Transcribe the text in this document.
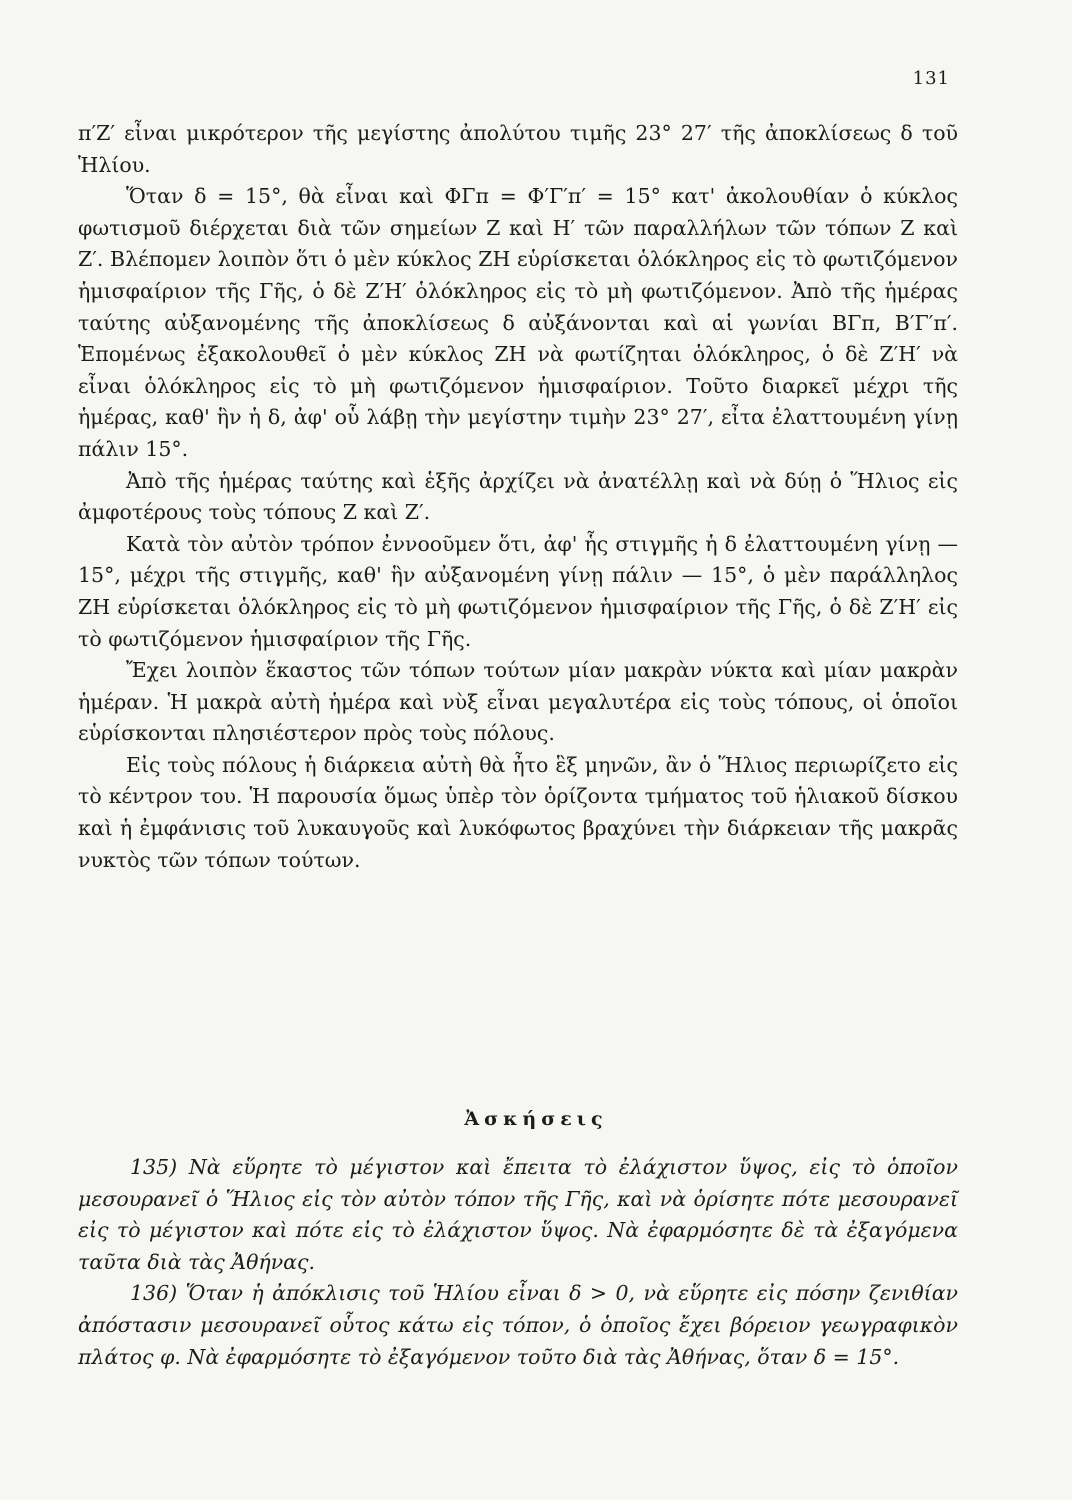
131

π′Ζ′ εἶναι μικρότερον τῆς μεγίστης ἀπολύτου τιμῆς 23° 27′ τῆς ἀποκλίσεως δ τοῦ Ἡλίου.

Ὅταν δ = 15°, θὰ εἶναι καὶ ΦΓπ = Φ′Γ′π′ = 15° κατ' ἀκολουθίαν ὁ κύκλος φωτισμοῦ διέρχεται διὰ τῶν σημείων Ζ καὶ Η′ τῶν παραλλήλων τῶν τόπων Ζ καὶ Ζ′. Βλέπομεν λοιπὸν ὅτι ὁ μὲν κύκλος ΖΗ εὑρίσκεται ὁλόκληρος εἰς τὸ φωτιζόμενον ἡμισφαίριον τῆς Γῆς, ὁ δὲ Ζ′Η′ ὁλόκληρος εἰς τὸ μὴ φωτιζόμενον. Ἀπὸ τῆς ἡμέρας ταύτης αὐξανομένης τῆς ἀποκλίσεως δ αὐξάνονται καὶ αἱ γωνίαι ΒΓπ, Β′Γ′π′. Ἑπομένως ἐξακολουθεῖ ὁ μὲν κύκλος ΖΗ νὰ φωτίζηται ὁλόκληρος, ὁ δὲ Ζ′Η′ νὰ εἶναι ὁλόκληρος εἰς τὸ μὴ φωτιζόμενον ἡμισφαίριον. Τοῦτο διαρκεῖ μέχρι τῆς ἡμέρας, καθ' ἣν ἡ δ, ἀφ' οὗ λάβῃ τὴν μεγίστην τιμὴν 23° 27′, εἶτα ἐλαττουμένη γίνῃ πάλιν 15°.

Ἀπὸ τῆς ἡμέρας ταύτης καὶ ἑξῆς ἀρχίζει νὰ ἀνατέλλῃ καὶ νὰ δύῃ ὁ Ἥλιος εἰς ἀμφοτέρους τοὺς τόπους Ζ καὶ Ζ′.

Κατὰ τὸν αὐτὸν τρόπον ἐννοοῦμεν ὅτι, ἀφ' ἧς στιγμῆς ἡ δ ἐλαττουμένη γίνῃ — 15°, μέχρι τῆς στιγμῆς, καθ' ἣν αὐξανομένη γίνῃ πάλιν — 15°, ὁ μὲν παράλληλος ΖΗ εὑρίσκεται ὁλόκληρος εἰς τὸ μὴ φωτιζόμενον ἡμισφαίριον τῆς Γῆς, ὁ δὲ Ζ′Η′ εἰς τὸ φωτιζόμενον ἡμισφαίριον τῆς Γῆς.

Ἔχει λοιπὸν ἕκαστος τῶν τόπων τούτων μίαν μακρὰν νύκτα καὶ μίαν μακρὰν ἡμέραν. Ἡ μακρὰ αὐτὴ ἡμέρα καὶ νὺξ εἶναι μεγαλυτέρα εἰς τοὺς τόπους, οἱ ὁποῖοι εὑρίσκονται πλησιέστερον πρὸς τοὺς πόλους.

Εἰς τοὺς πόλους ἡ διάρκεια αὐτὴ θὰ ἦτο ἓξ μηνῶν, ἂν ὁ Ἥλιος περιωρίζετο εἰς τὸ κέντρον του. Ἡ παρουσία ὅμως ὑπὲρ τὸν ὁρίζοντα τμήματος τοῦ ἡλιακοῦ δίσκου καὶ ἡ ἐμφάνισις τοῦ λυκαυγοῦς καὶ λυκόφωτος βραχύνει τὴν διάρκειαν τῆς μακρᾶς νυκτὸς τῶν τόπων τούτων.

Ἀσκήσεις

135) Νὰ εὕρητε τὸ μέγιστον καὶ ἔπειτα τὸ ἐλάχιστον ὕψος, εἰς τὸ ὁποῖον μεσουρανεῖ ὁ Ἥλιος εἰς τὸν αὐτὸν τόπον τῆς Γῆς, καὶ νὰ ὁρίσητε πότε μεσουρανεῖ εἰς τὸ μέγιστον καὶ πότε εἰς τὸ ἐλάχιστον ὕψος. Νὰ ἐφαρμόσητε δὲ τὰ ἐξαγόμενα ταῦτα διὰ τὰς Ἀθήνας.

136) Ὅταν ἡ ἀπόκλισις τοῦ Ἡλίου εἶναι δ > 0, νὰ εὕρητε εἰς πόσην ζενιθίαν ἀπόστασιν μεσουρανεῖ οὗτος κάτω εἰς τόπον, ὁ ὁποῖος ἔχει βόρειον γεωγραφικὸν πλάτος φ. Νὰ ἐφαρμόσητε τὸ ἐξαγόμενον τοῦτο διὰ τὰς Ἀθήνας, ὅταν δ = 15°.
